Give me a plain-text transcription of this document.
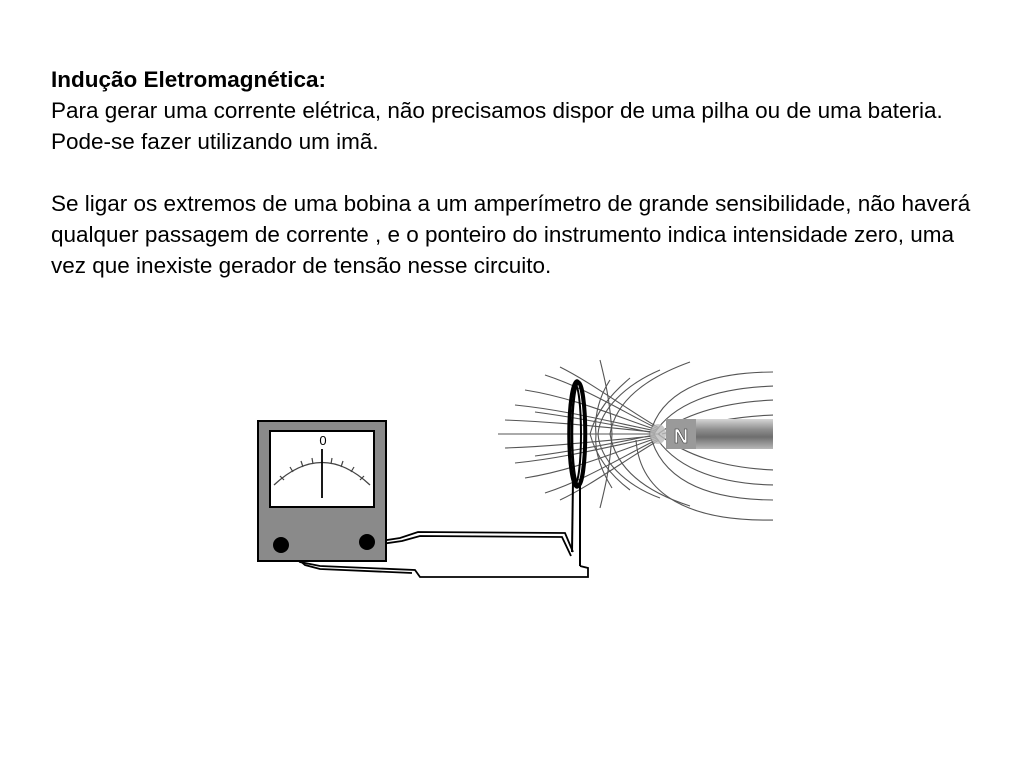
Indução Eletromagnética:

Para gerar uma corrente elétrica, não precisamos dispor de uma pilha ou de uma bateria. Pode-se fazer utilizando um imã.

Se ligar os extremos de uma bobina a um amperímetro de grande sensibilidade, não haverá qualquer passagem de corrente , e o ponteiro do instrumento indica intensidade zero, uma vez que inexiste gerador de tensão nesse circuito.

N
0
